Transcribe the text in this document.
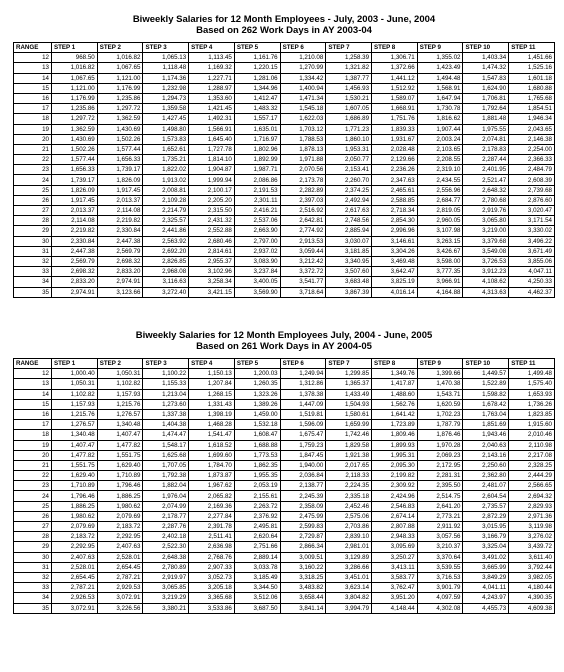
Biweekly Salaries for 12 Month Employees - July, 2003 - June, 2004
Based on 262 Work Days in AY 2003-04
RANGE	STEP 1	STEP 2	STEP 3	STEP 4	STEP 5	STEP 6	STEP 7	STEP 8	STEP 9	STEP 10	STEP 11
12	968.50	1,016.82	1,065.13	1,113.45	1,161.76	1,210.08	1,258.39	1,306.71	1,355.02	1,403.34	1,451.66
13	1,016.82	1,067.65	1,118.48	1,169.32	1,220.15	1,270.99	1,321.82	1,372.66	1,423.49	1,474.32	1,525.16
14	1,067.65	1,121.00	1,174.36	1,227.71	1,281.06	1,334.42	1,387.77	1,441.12	1,494.48	1,547.83	1,601.18
15	1,121.00	1,176.99	1,232.98	1,288.97	1,344.96	1,400.94	1,456.93	1,512.92	1,568.91	1,624.90	1,680.88
16	1,176.99	1,235.86	1,294.73	1,353.60	1,412.47	1,471.34	1,530.21	1,589.07	1,647.94	1,706.81	1,765.68
17	1,235.86	1,297.72	1,359.58	1,421.45	1,483.32	1,545.18	1,607.05	1,668.91	1,730.78	1,792.64	1,854.51
18	1,297.72	1,362.59	1,427.45	1,492.31	1,557.17	1,622.03	1,686.89	1,751.76	1,816.62	1,881.48	1,946.34
19	1,362.59	1,430.69	1,498.80	1,566.91	1,635.01	1,703.12	1,771.23	1,839.33	1,907.44	1,975.55	2,043.65
20	1,430.69	1,502.26	1,573.83	1,645.40	1,716.97	1,788.53	1,860.10	1,931.67	2,003.24	2,074.81	2,146.38
21	1,502.26	1,577.44	1,652.61	1,727.78	1,802.96	1,878.13	1,953.31	2,028.48	2,103.65	2,178.83	2,254.00
22	1,577.44	1,656.33	1,735.21	1,814.10	1,892.99	1,971.88	2,050.77	2,129.66	2,208.55	2,287.44	2,366.33
23	1,656.33	1,739.17	1,822.02	1,904.87	1,987.71	2,070.56	2,153.41	2,236.26	2,319.10	2,401.95	2,484.79
24	1,739.17	1,826.09	1,913.02	1,999.94	2,086.86	2,173.78	2,260.70	2,347.63	2,434.55	2,521.47	2,608.39
25	1,826.09	1,917.45	2,008.81	2,100.17	2,191.53	2,282.89	2,374.25	2,465.61	2,556.96	2,648.32	2,739.68
26	1,917.45	2,013.37	2,109.28	2,205.20	2,301.11	2,397.03	2,492.94	2,588.85	2,684.77	2,780.68	2,876.60
27	2,013.37	2,114.08	2,214.79	2,315.50	2,416.21	2,516.92	2,617.63	2,718.34	2,819.05	2,919.76	3,020.47
28	2,114.08	2,219.82	2,325.57	2,431.32	2,537.06	2,642.81	2,748.56	2,854.30	2,960.05	3,065.80	3,171.54
29	2,219.82	2,330.84	2,441.86	2,552.88	2,663.90	2,774.92	2,885.94	2,996.96	3,107.98	3,219.00	3,330.02
30	2,330.84	2,447.38	2,563.92	2,680.46	2,797.00	2,913.53	3,030.07	3,146.61	3,263.15	3,379.68	3,496.22
31	2,447.38	2,569.79	2,692.20	2,814.61	2,937.02	3,059.44	3,181.85	3,304.26	3,426.67	3,549.08	3,671.49
32	2,569.79	2,698.32	2,826.85	2,955.37	3,083.90	3,212.42	3,340.95	3,469.48	3,598.00	3,726.53	3,855.06
33	2,698.32	2,833.20	2,968.08	3,102.96	3,237.84	3,372.72	3,507.60	3,642.47	3,777.35	3,912.23	4,047.11
34	2,833.20	2,974.91	3,116.63	3,258.34	3,400.05	3,541.77	3,683.48	3,825.19	3,966.91	4,108.62	4,250.33
35	2,974.91	3,123.66	3,272.40	3,421.15	3,569.90	3,718.64	3,867.39	4,016.14	4,164.88	4,313.63	4,462.37
Biweekly Salaries for 12 Month Employees July, 2004 - June, 2005
Based on 261 Work Days in AY 2004-05
RANGE	STEP 1	STEP 2	STEP 3	STEP 4	STEP 5	STEP 6	STEP 7	STEP 8	STEP 9	STEP 10	STEP 11
12	1,000.40	1,050.31	1,100.22	1,150.13	1,200.03	1,249.94	1,299.85	1,349.76	1,399.66	1,449.57	1,499.48
13	1,050.31	1,102.82	1,155.33	1,207.84	1,260.35	1,312.86	1,365.37	1,417.87	1,470.38	1,522.89	1,575.40
14	1,102.82	1,157.93	1,213.04	1,268.15	1,323.26	1,378.38	1,433.49	1,488.60	1,543.71	1,598.82	1,653.93
15	1,157.93	1,215.76	1,273.60	1,331.43	1,389.26	1,447.09	1,504.93	1,562.76	1,620.59	1,678.42	1,736.26
16	1,215.76	1,276.57	1,337.38	1,398.19	1,459.00	1,519.81	1,580.61	1,641.42	1,702.23	1,763.04	1,823.85
17	1,276.57	1,340.48	1,404.38	1,468.28	1,532.18	1,596.09	1,659.99	1,723.89	1,787.79	1,851.69	1,915.60
18	1,340.48	1,407.47	1,474.47	1,541.47	1,608.47	1,675.47	1,742.46	1,809.46	1,876.46	1,943.46	2,010.46
19	1,407.47	1,477.82	1,548.17	1,618.52	1,688.88	1,759.23	1,829.58	1,899.93	1,970.28	2,040.63	2,110.98
20	1,477.82	1,551.75	1,625.68	1,699.60	1,773.53	1,847.45	1,921.38	1,995.31	2,069.23	2,143.16	2,217.08
21	1,551.75	1,629.40	1,707.05	1,784.70	1,862.35	1,940.00	2,017.65	2,095.30	2,172.95	2,250.60	2,328.25
22	1,629.40	1,710.89	1,792.38	1,873.87	1,955.35	2,036.84	2,118.33	2,199.82	2,281.31	2,362.80	2,444.29
23	1,710.89	1,796.46	1,882.04	1,967.62	2,053.19	2,138.77	2,224.35	2,309.92	2,395.50	2,481.07	2,566.65
24	1,796.46	1,886.25	1,976.04	2,065.82	2,155.61	2,245.39	2,335.18	2,424.96	2,514.75	2,604.54	2,694.32
25	1,886.25	1,980.62	2,074.99	2,169.36	2,263.72	2,358.09	2,452.46	2,546.83	2,641.20	2,735.57	2,829.93
26	1,980.62	2,079.69	2,178.77	2,277.84	2,376.92	2,475.99	2,575.06	2,674.14	2,773.21	2,872.29	2,971.36
27	2,079.69	2,183.72	2,287.76	2,391.78	2,495.81	2,599.83	2,703.86	2,807.88	2,911.92	3,015.95	3,119.98
28	2,183.72	2,292.95	2,402.18	2,511.41	2,620.64	2,729.87	2,839.10	2,948.33	3,057.56	3,166.79	3,276.02
29	2,292.95	2,407.63	2,522.30	2,636.98	2,751.66	2,866.34	2,981.01	3,095.69	3,210.37	3,325.04	3,439.72
30	2,407.63	2,528.01	2,648.38	2,768.76	2,889.14	3,009.51	3,129.89	3,250.27	3,370.64	3,491.02	3,611.40
31	2,528.01	2,654.45	2,780.89	2,907.33	3,033.78	3,160.22	3,286.66	3,413.11	3,539.55	3,665.99	3,792.44
32	2,654.45	2,787.21	2,919.97	3,052.73	3,185.49	3,318.25	3,451.01	3,583.77	3,716.53	3,849.29	3,982.05
33	2,787.21	2,929.53	3,065.85	3,205.18	3,344.50	3,483.82	3,623.14	3,762.47	3,901.79	4,041.11	4,180.44
34	2,926.53	3,072.91	3,219.29	3,365.68	3,512.06	3,658.44	3,804.82	3,951.20	4,097.59	4,243.97	4,390.35
35	3,072.91	3,226.56	3,380.21	3,533.86	3,687.50	3,841.14	3,994.79	4,148.44	4,302.08	4,455.73	4,609.38
